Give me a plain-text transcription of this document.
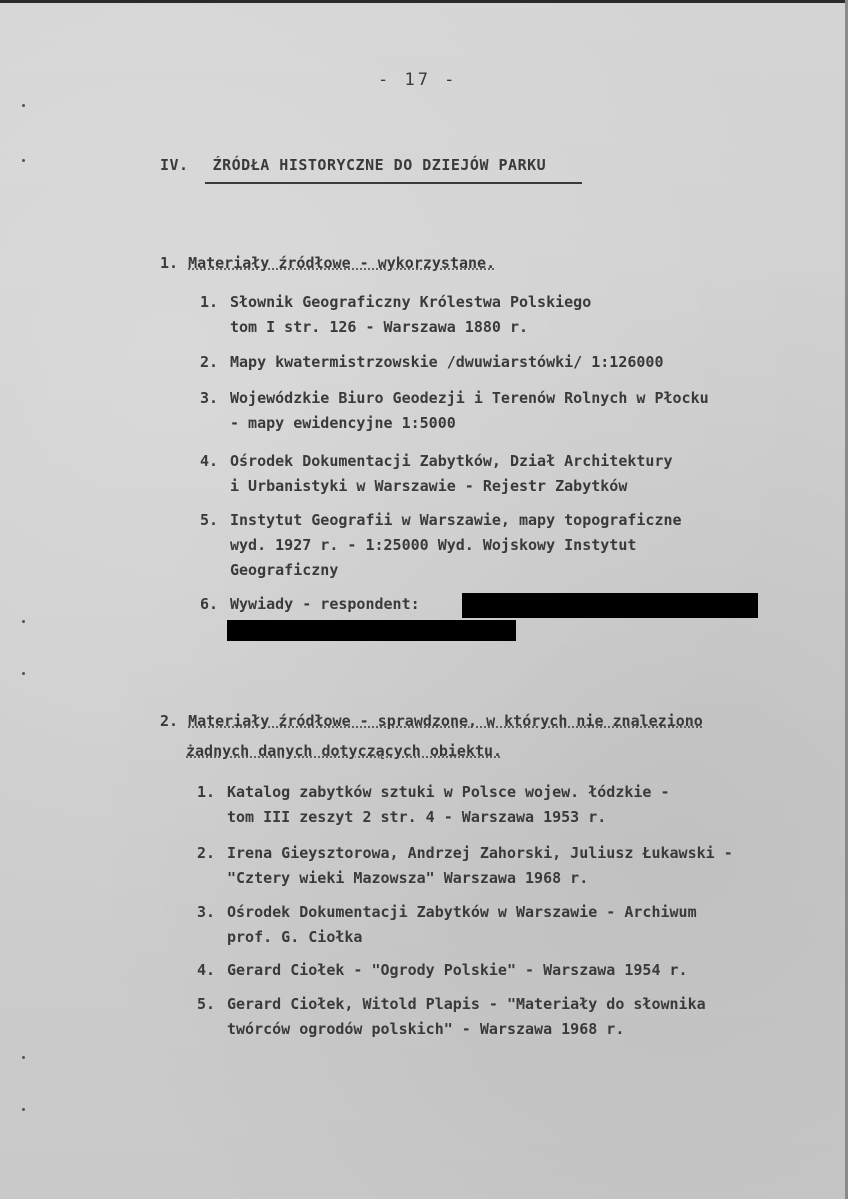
- 17 -
IV. ŹRÓDŁA HISTORYCZNE DO DZIEJÓW PARKU
1. Materiały źródłowe - wykorzystane.
1. Słownik Geograficzny Królestwa Polskiego
tom I str. 126 - Warszawa 1880 r.
2. Mapy kwatermistrzowskie /dwuwiarstówki/ 1:126000
3. Wojewódzkie Biuro Geodezji i Terenów Rolnych w Płocku
- mapy ewidencyjne 1:5000
4. Ośrodek Dokumentacji Zabytków, Dział Architektury
i Urbanistyki w Warszawie - Rejestr Zabytków
5. Instytut Geografii w Warszawie, mapy topograficzne
wyd. 1927 r. - 1:25000 Wyd. Wojskowy Instytut
Geograficzny
6. Wywiady - respondent:
2. Materiały źródłowe - sprawdzone, w których nie znaleziono
żadnych danych dotyczących obiektu.
1. Katalog zabytków sztuki w Polsce wojew. łódzkie -
tom III zeszyt 2 str. 4 - Warszawa 1953 r.
2. Irena Gieysztorowa, Andrzej Zahorski, Juliusz Łukawski -
"Cztery wieki Mazowsza" Warszawa 1968 r.
3. Ośrodek Dokumentacji Zabytków w Warszawie - Archiwum
prof. G. Ciołka
4. Gerard Ciołek - "Ogrody Polskie" - Warszawa 1954 r.
5. Gerard Ciołek, Witold Plapis - "Materiały do słownika
twórców ogrodów polskich" - Warszawa 1968 r.
